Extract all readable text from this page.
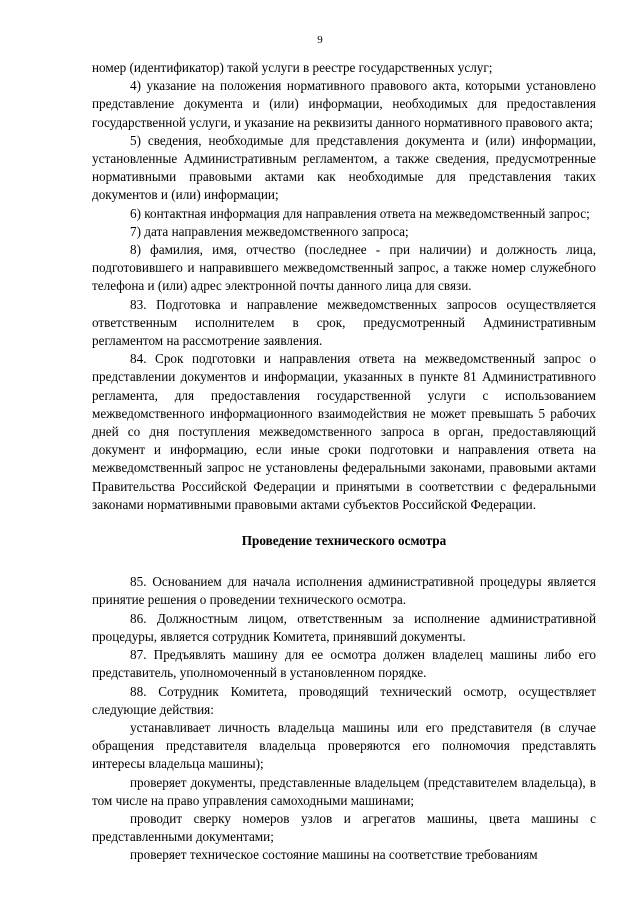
9

номер (идентификатор) такой услуги в реестре государственных услуг;

4) указание на положения нормативного правового акта, которыми установлено представление документа и (или) информации, необходимых для предоставления государственной услуги, и указание на реквизиты данного нормативного правового акта;

5) сведения, необходимые для представления документа и (или) информации, установленные Административным регламентом, а также сведения, предусмотренные нормативными правовыми актами как необходимые для представления таких документов и (или) информации;

6) контактная информация для направления ответа на межведомственный запрос;

7) дата направления межведомственного запроса;

8) фамилия, имя, отчество (последнее - при наличии) и должность лица, подготовившего и направившего межведомственный запрос, а также номер служебного телефона и (или) адрес электронной почты данного лица для связи.

83. Подготовка и направление межведомственных запросов осуществляется ответственным исполнителем в срок, предусмотренный Административным регламентом на рассмотрение заявления.

84. Срок подготовки и направления ответа на межведомственный запрос о представлении документов и информации, указанных в пункте 81 Административного регламента, для предоставления государственной услуги с использованием межведомственного информационного взаимодействия не может превышать 5 рабочих дней со дня поступления межведомственного запроса в орган, предоставляющий документ и информацию, если иные сроки подготовки и направления ответа на межведомственный запрос не установлены федеральными законами, правовыми актами Правительства Российской Федерации и принятыми в соответствии с федеральными законами нормативными правовыми актами субъектов Российской Федерации.

Проведение технического осмотра

85. Основанием для начала исполнения административной процедуры является принятие решения о проведении технического осмотра.

86. Должностным лицом, ответственным за исполнение административной процедуры, является сотрудник Комитета, принявший документы.

87. Предъявлять машину для ее осмотра должен владелец машины либо его представитель, уполномоченный в установленном порядке.

88. Сотрудник Комитета, проводящий технический осмотр, осуществляет следующие действия:

устанавливает личность владельца машины или его представителя (в случае обращения представителя владельца проверяются его полномочия представлять интересы владельца машины);

проверяет документы, представленные владельцем (представителем владельца), в том числе на право управления самоходными машинами;

проводит сверку номеров узлов и агрегатов машины, цвета машины с представленными документами;

проверяет техническое состояние машины на соответствие требованиям
